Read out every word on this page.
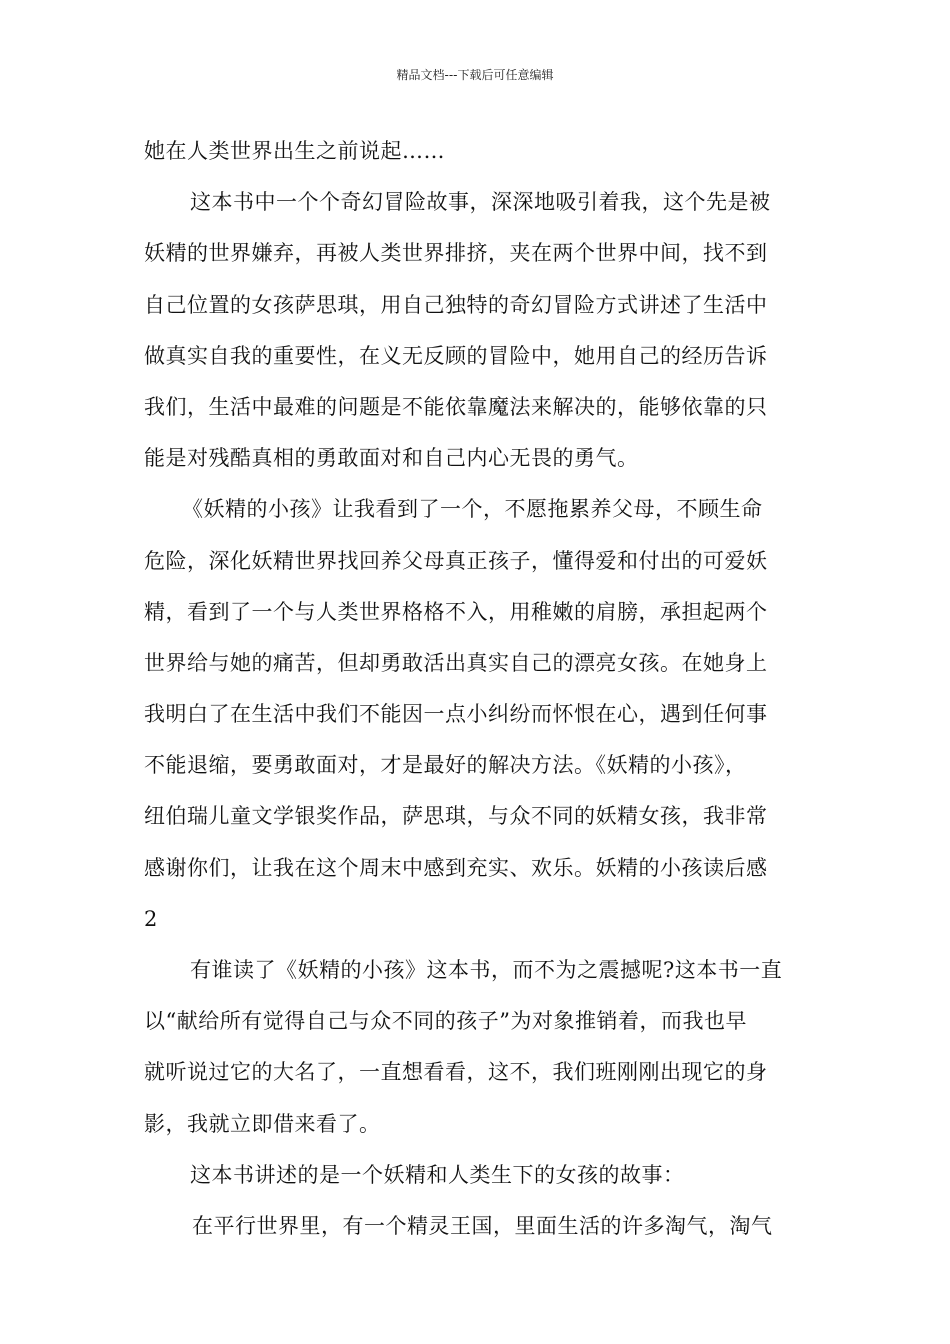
精品文档---下载后可任意编辑
她在人类世界出生之前说起……
这本书中一个个奇幻冒险故事，深深地吸引着我，这个先是被
妖精的世界嫌弃，再被人类世界排挤，夹在两个世界中间，找不到
自己位置的女孩萨思琪，用自己独特的奇幻冒险方式讲述了生活中
做真实自我的重要性，在义无反顾的冒险中，她用自己的经历告诉
我们，生活中最难的问题是不能依靠魔法来解决的，能够依靠的只
能是对残酷真相的勇敢面对和自己内心无畏的勇气。
《妖精的小孩》让我看到了一个，不愿拖累养父母，不顾生命
危险，深化妖精世界找回养父母真正孩子，懂得爱和付出的可爱妖
精，看到了一个与人类世界格格不入，用稚嫩的肩膀，承担起两个
世界给与她的痛苦，但却勇敢活出真实自己的漂亮女孩。在她身上
我明白了在生活中我们不能因一点小纠纷而怀恨在心，遇到任何事
不能退缩，要勇敢面对，才是最好的解决方法。《妖精的小孩》，
纽伯瑞儿童文学银奖作品，萨思琪，与众不同的妖精女孩，我非常
感谢你们，让我在这个周末中感到充实、欢乐。妖精的小孩读后感
2
有谁读了《妖精的小孩》这本书，而不为之震撼呢?这本书一直
以“献给所有觉得自己与众不同的孩子”为对象推销着，而我也早
就听说过它的大名了，一直想看看，这不，我们班刚刚出现它的身
影，我就立即借来看了。
这本书讲述的是一个妖精和人类生下的女孩的故事：
在平行世界里，有一个精灵王国，里面生活的许多淘气，淘气
